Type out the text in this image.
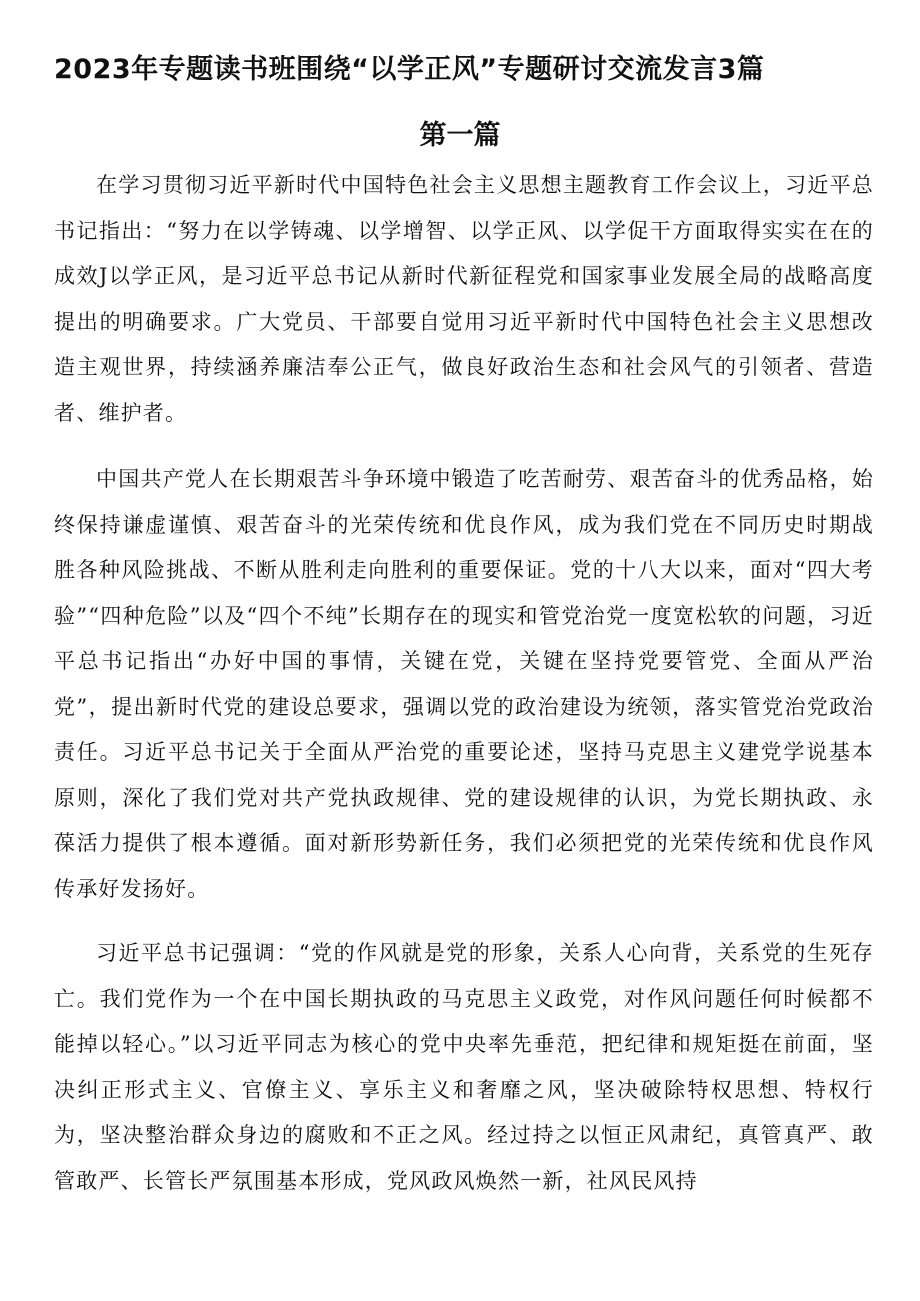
2023年专题读书班围绕“以学正风”专题研讨交流发言3篇
第一篇

在学习贯彻习近平新时代中国特色社会主义思想主题教育工作会议上，习近平总书记指出：“努力在以学铸魂、以学增智、以学正风、以学促干方面取得实实在在的成效J以学正风，是习近平总书记从新时代新征程党和国家事业发展全局的战略高度提出的明确要求。广大党员、干部要自觉用习近平新时代中国特色社会主义思想改造主观世界，持续涵养廉洁奉公正气，做良好政治生态和社会风气的引领者、营造者、维护者。

中国共产党人在长期艰苦斗争环境中锻造了吃苦耐劳、艰苦奋斗的优秀品格，始终保持谦虚谨慎、艰苦奋斗的光荣传统和优良作风，成为我们党在不同历史时期战胜各种风险挑战、不断从胜利走向胜利的重要保证。党的十八大以来，面对“四大考验”“四种危险”以及“四个不纯”长期存在的现实和管党治党一度宽松软的问题，习近平总书记指出“办好中国的事情，关键在党，关键在坚持党要管党、全面从严治党”，提出新时代党的建设总要求，强调以党的政治建设为统领，落实管党治党政治责任。习近平总书记关于全面从严治党的重要论述，坚持马克思主义建党学说基本原则，深化了我们党对共产党执政规律、党的建设规律的认识，为党长期执政、永葆活力提供了根本遵循。面对新形势新任务，我们必须把党的光荣传统和优良作风传承好发扬好。

习近平总书记强调：“党的作风就是党的形象，关系人心向背，关系党的生死存亡。我们党作为一个在中国长期执政的马克思主义政党，对作风问题任何时候都不能掉以轻心。”以习近平同志为核心的党中央率先垂范，把纪律和规矩挺在前面，坚决纠正形式主义、官僚主义、享乐主义和奢靡之风，坚决破除特权思想、特权行为，坚决整治群众身边的腐败和不正之风。经过持之以恒正风肃纪，真管真严、敢管敢严、长管长严氛围基本形成，党风政风焕然一新，社风民风持
